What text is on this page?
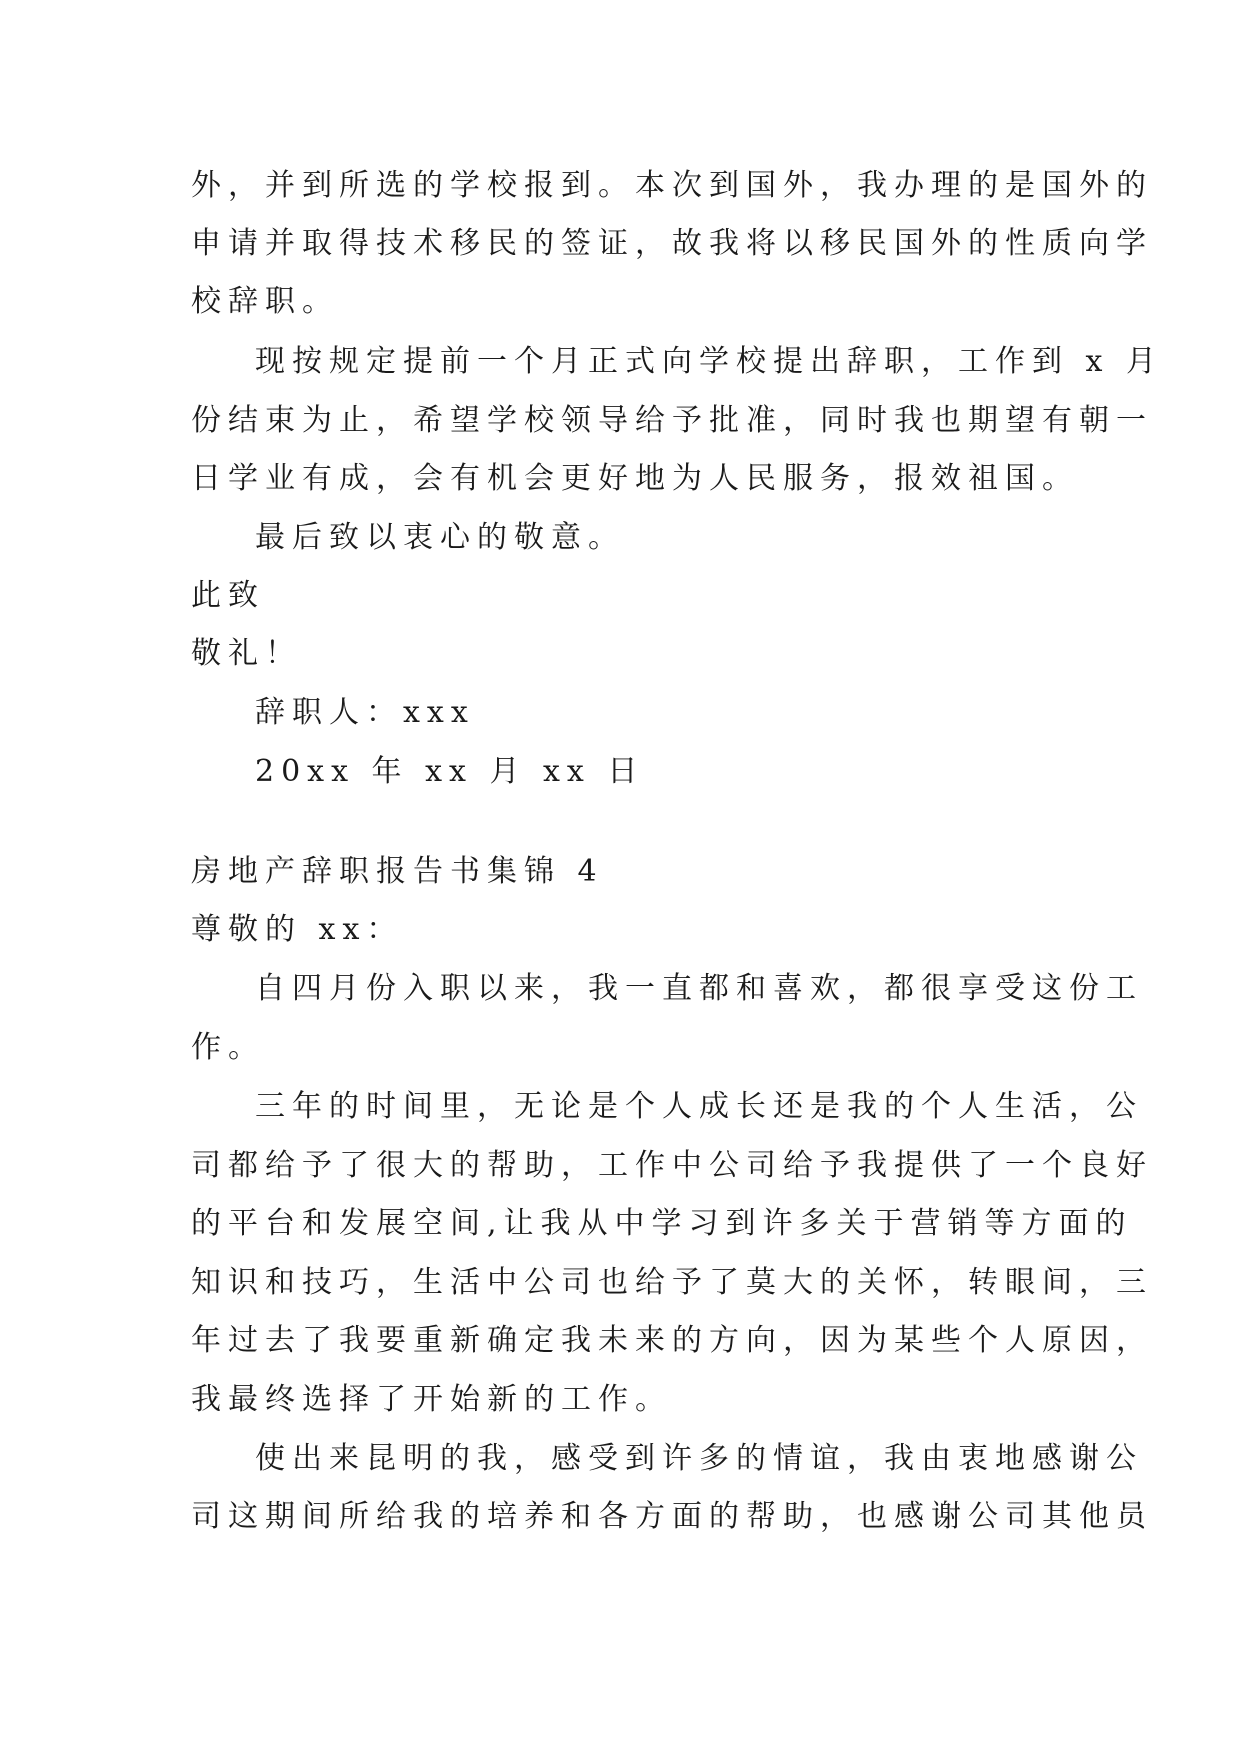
外，并到所选的学校报到。本次到国外，我办理的是国外的
申请并取得技术移民的签证，故我将以移民国外的性质向学
校辞职。
现按规定提前一个月正式向学校提出辞职，工作到 x 月
份结束为止，希望学校领导给予批准，同时我也期望有朝一
日学业有成，会有机会更好地为人民服务，报效祖国。
最后致以衷心的敬意。
此致
敬礼！
辞职人：xxx
20xx 年 xx 月 xx 日
房地产辞职报告书集锦 4
尊敬的 xx：
自四月份入职以来，我一直都和喜欢，都很享受这份工
作。
三年的时间里，无论是个人成长还是我的个人生活，公
司都给予了很大的帮助，工作中公司给予我提供了一个良好
的平台和发展空间,让我从中学习到许多关于营销等方面的
知识和技巧，生活中公司也给予了莫大的关怀，转眼间，三
年过去了我要重新确定我未来的方向，因为某些个人原因，
我最终选择了开始新的工作。
使出来昆明的我，感受到许多的情谊，我由衷地感谢公
司这期间所给我的培养和各方面的帮助，也感谢公司其他员
